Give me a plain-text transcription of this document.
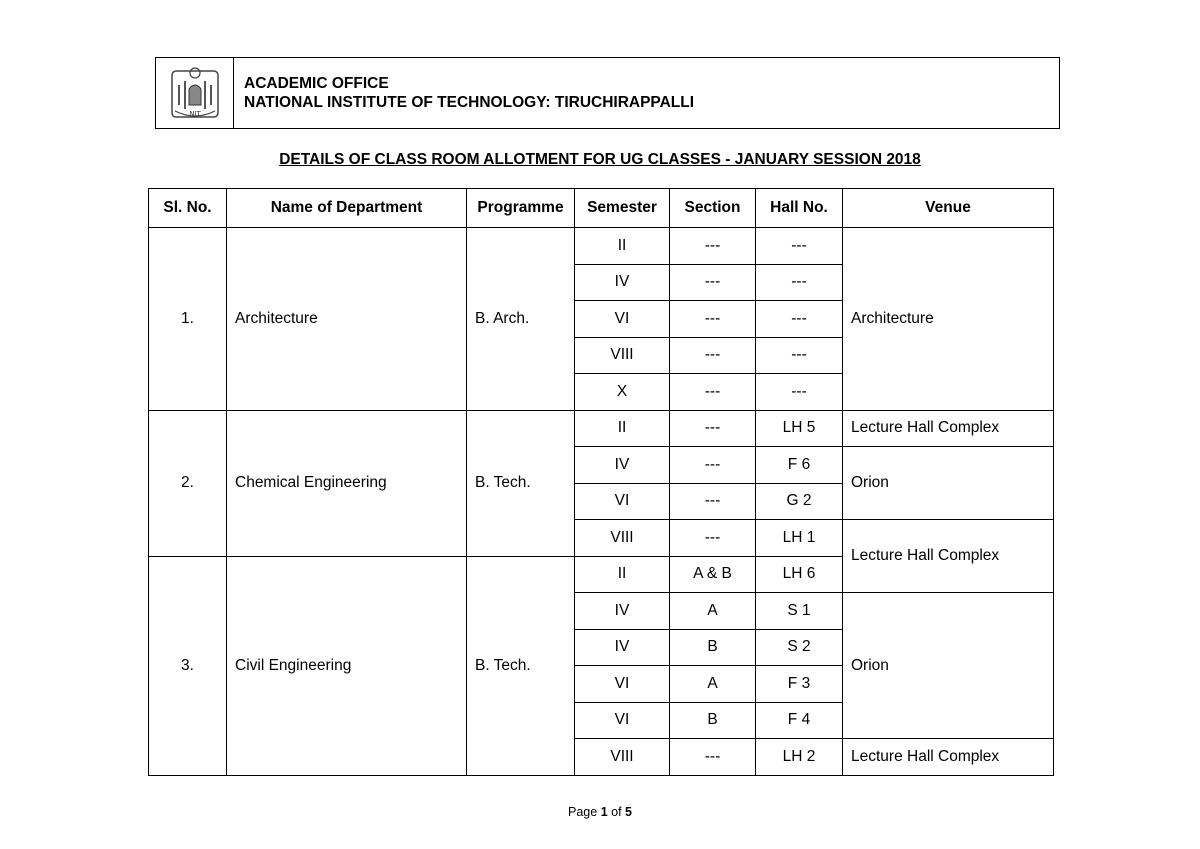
NIT
ACADEMIC OFFICE
NATIONAL INSTITUTE OF TECHNOLOGY: TIRUCHIRAPPALLI
DETAILS OF CLASS ROOM ALLOTMENT FOR UG CLASSES - JANUARY SESSION 2018
Sl. No.	Name of Department	Programme	Semester	Section	Hall No.	Venue
1.	Architecture	B. Arch.	II	---	---	Architecture
			IV	---	---	
			VI	---	---	
			VIII	---	---	
			X	---	---	
2.	Chemical Engineering	B. Tech.	II	---	LH 5	Lecture Hall Complex
			IV	---	F 6	Orion
			VI	---	G 2	
			VIII	---	LH 1	Lecture Hall Complex
3.	Civil Engineering	B. Tech.	II	A & B	LH 6	
			IV	A	S 1	Orion
			IV	B	S 2	
			VI	A	F 3	
			VI	B	F 4	
			VIII	---	LH 2	Lecture Hall Complex
Page 1 of 5
